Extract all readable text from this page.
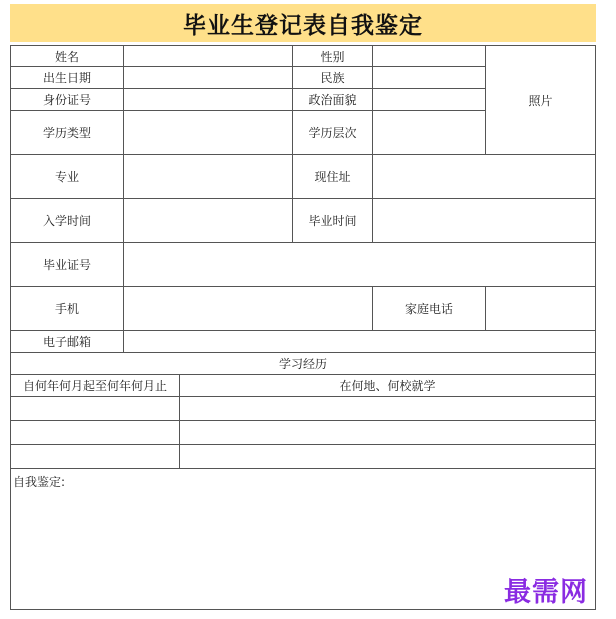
毕业生登记表自我鉴定
姓名	性别
照片
出生日期	民族
身份证号	政治面貌
学历类型	学历层次
专业	现住址
入学时间	毕业时间
毕业证号
手机	家庭电话
电子邮箱
学习经历
自何年何月起至何年何月止	在何地、何校就学
自我鉴定:
最需网
